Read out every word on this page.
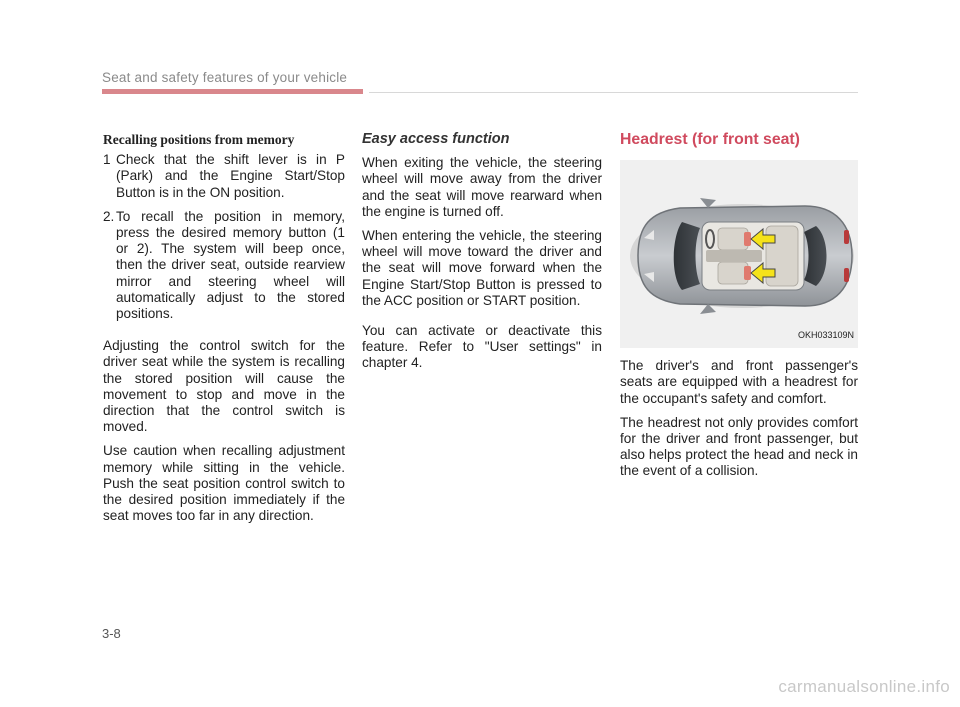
Seat and safety features of your vehicle
Recalling positions from memory
1 Check that the shift lever is in P (Park) and the Engine Start/Stop Button is in the ON position.
2. To recall the position in memory, press the desired memory button (1 or 2). The system will beep once, then the driver seat, outside rearview mirror and steering wheel will automatically adjust to the stored positions.

Adjusting the control switch for the driver seat while the system is recalling the stored position will cause the movement to stop and move in the direction that the control switch is moved.

Use caution when recalling adjustment memory while sitting in the vehicle. Push the seat position control switch to the desired position immediately if the seat moves too far in any direction.

Easy access function

When exiting the vehicle, the steering wheel will move away from the driver and the seat will move rearward when the engine is turned off.

When entering the vehicle, the steering wheel will move toward the driver and the seat will move forward when the Engine Start/Stop Button is pressed to the ACC position or START position.

You can activate or deactivate this feature. Refer to "User settings" in chapter 4.

Headrest (for front seat)
OKH033109N

The driver's and front passenger's seats are equipped with a headrest for the occupant's safety and comfort.

The headrest not only provides comfort for the driver and front passenger, but also helps protect the head and neck in the event of a collision.

3-8
carmanualsonline.info
